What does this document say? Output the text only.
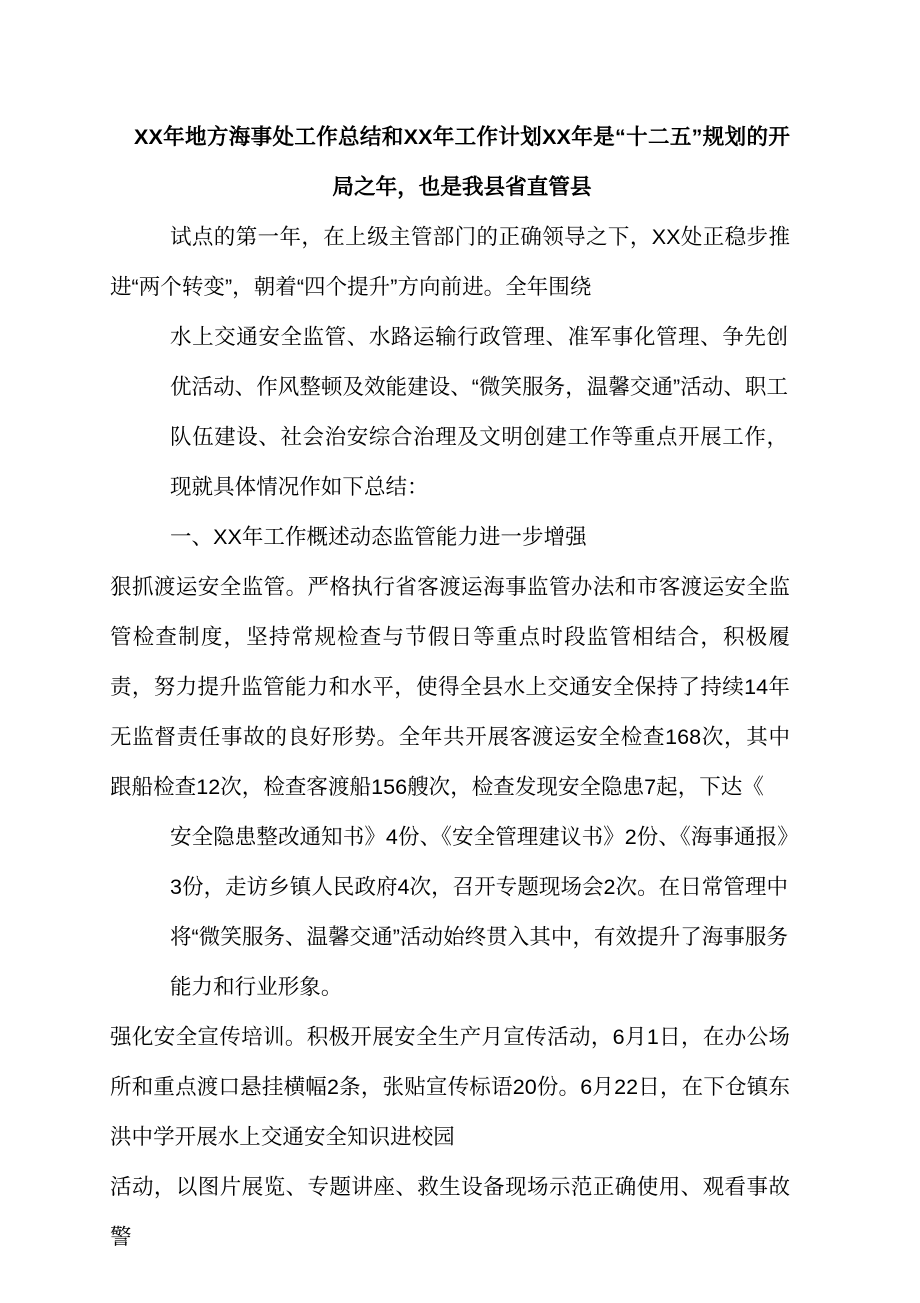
XX年地方海事处工作总结和XX年工作计划XX年是“十二五”规划的开局之年，也是我县省直管县

试点的第一年，在上级主管部门的正确领导之下，XX处正稳步推进“两个转变”，朝着“四个提升”方向前进。全年围绕

水上交通安全监管、水路运输行政管理、准军事化管理、争先创优活动、作风整顿及效能建设、“微笑服务，温馨交通”活动、职工队伍建设、社会治安综合治理及文明创建工作等重点开展工作，现就具体情况作如下总结：

一、XX年工作概述动态监管能力进一步增强

狠抓渡运安全监管。严格执行省客渡运海事监管办法和市客渡运安全监管检查制度，坚持常规检查与节假日等重点时段监管相结合，积极履责，努力提升监管能力和水平，使得全县水上交通安全保持了持续14年无监督责任事故的良好形势。全年共开展客渡运安全检查168次，其中跟船检查12次，检查客渡船156艘次，检查发现安全隐患7起，下达《

安全隐患整改通知书》4份、《安全管理建议书》2份、《海事通报》3份，走访乡镇人民政府4次，召开专题现场会2次。在日常管理中将“微笑服务、温馨交通”活动始终贯入其中，有效提升了海事服务能力和行业形象。

强化安全宣传培训。积极开展安全生产月宣传活动，6月1日，在办公场所和重点渡口悬挂横幅2条，张贴宣传标语20份。6月22日，在下仓镇东洪中学开展水上交通安全知识进校园

活动，以图片展览、专题讲座、救生设备现场示范正确使用、观看事故警
